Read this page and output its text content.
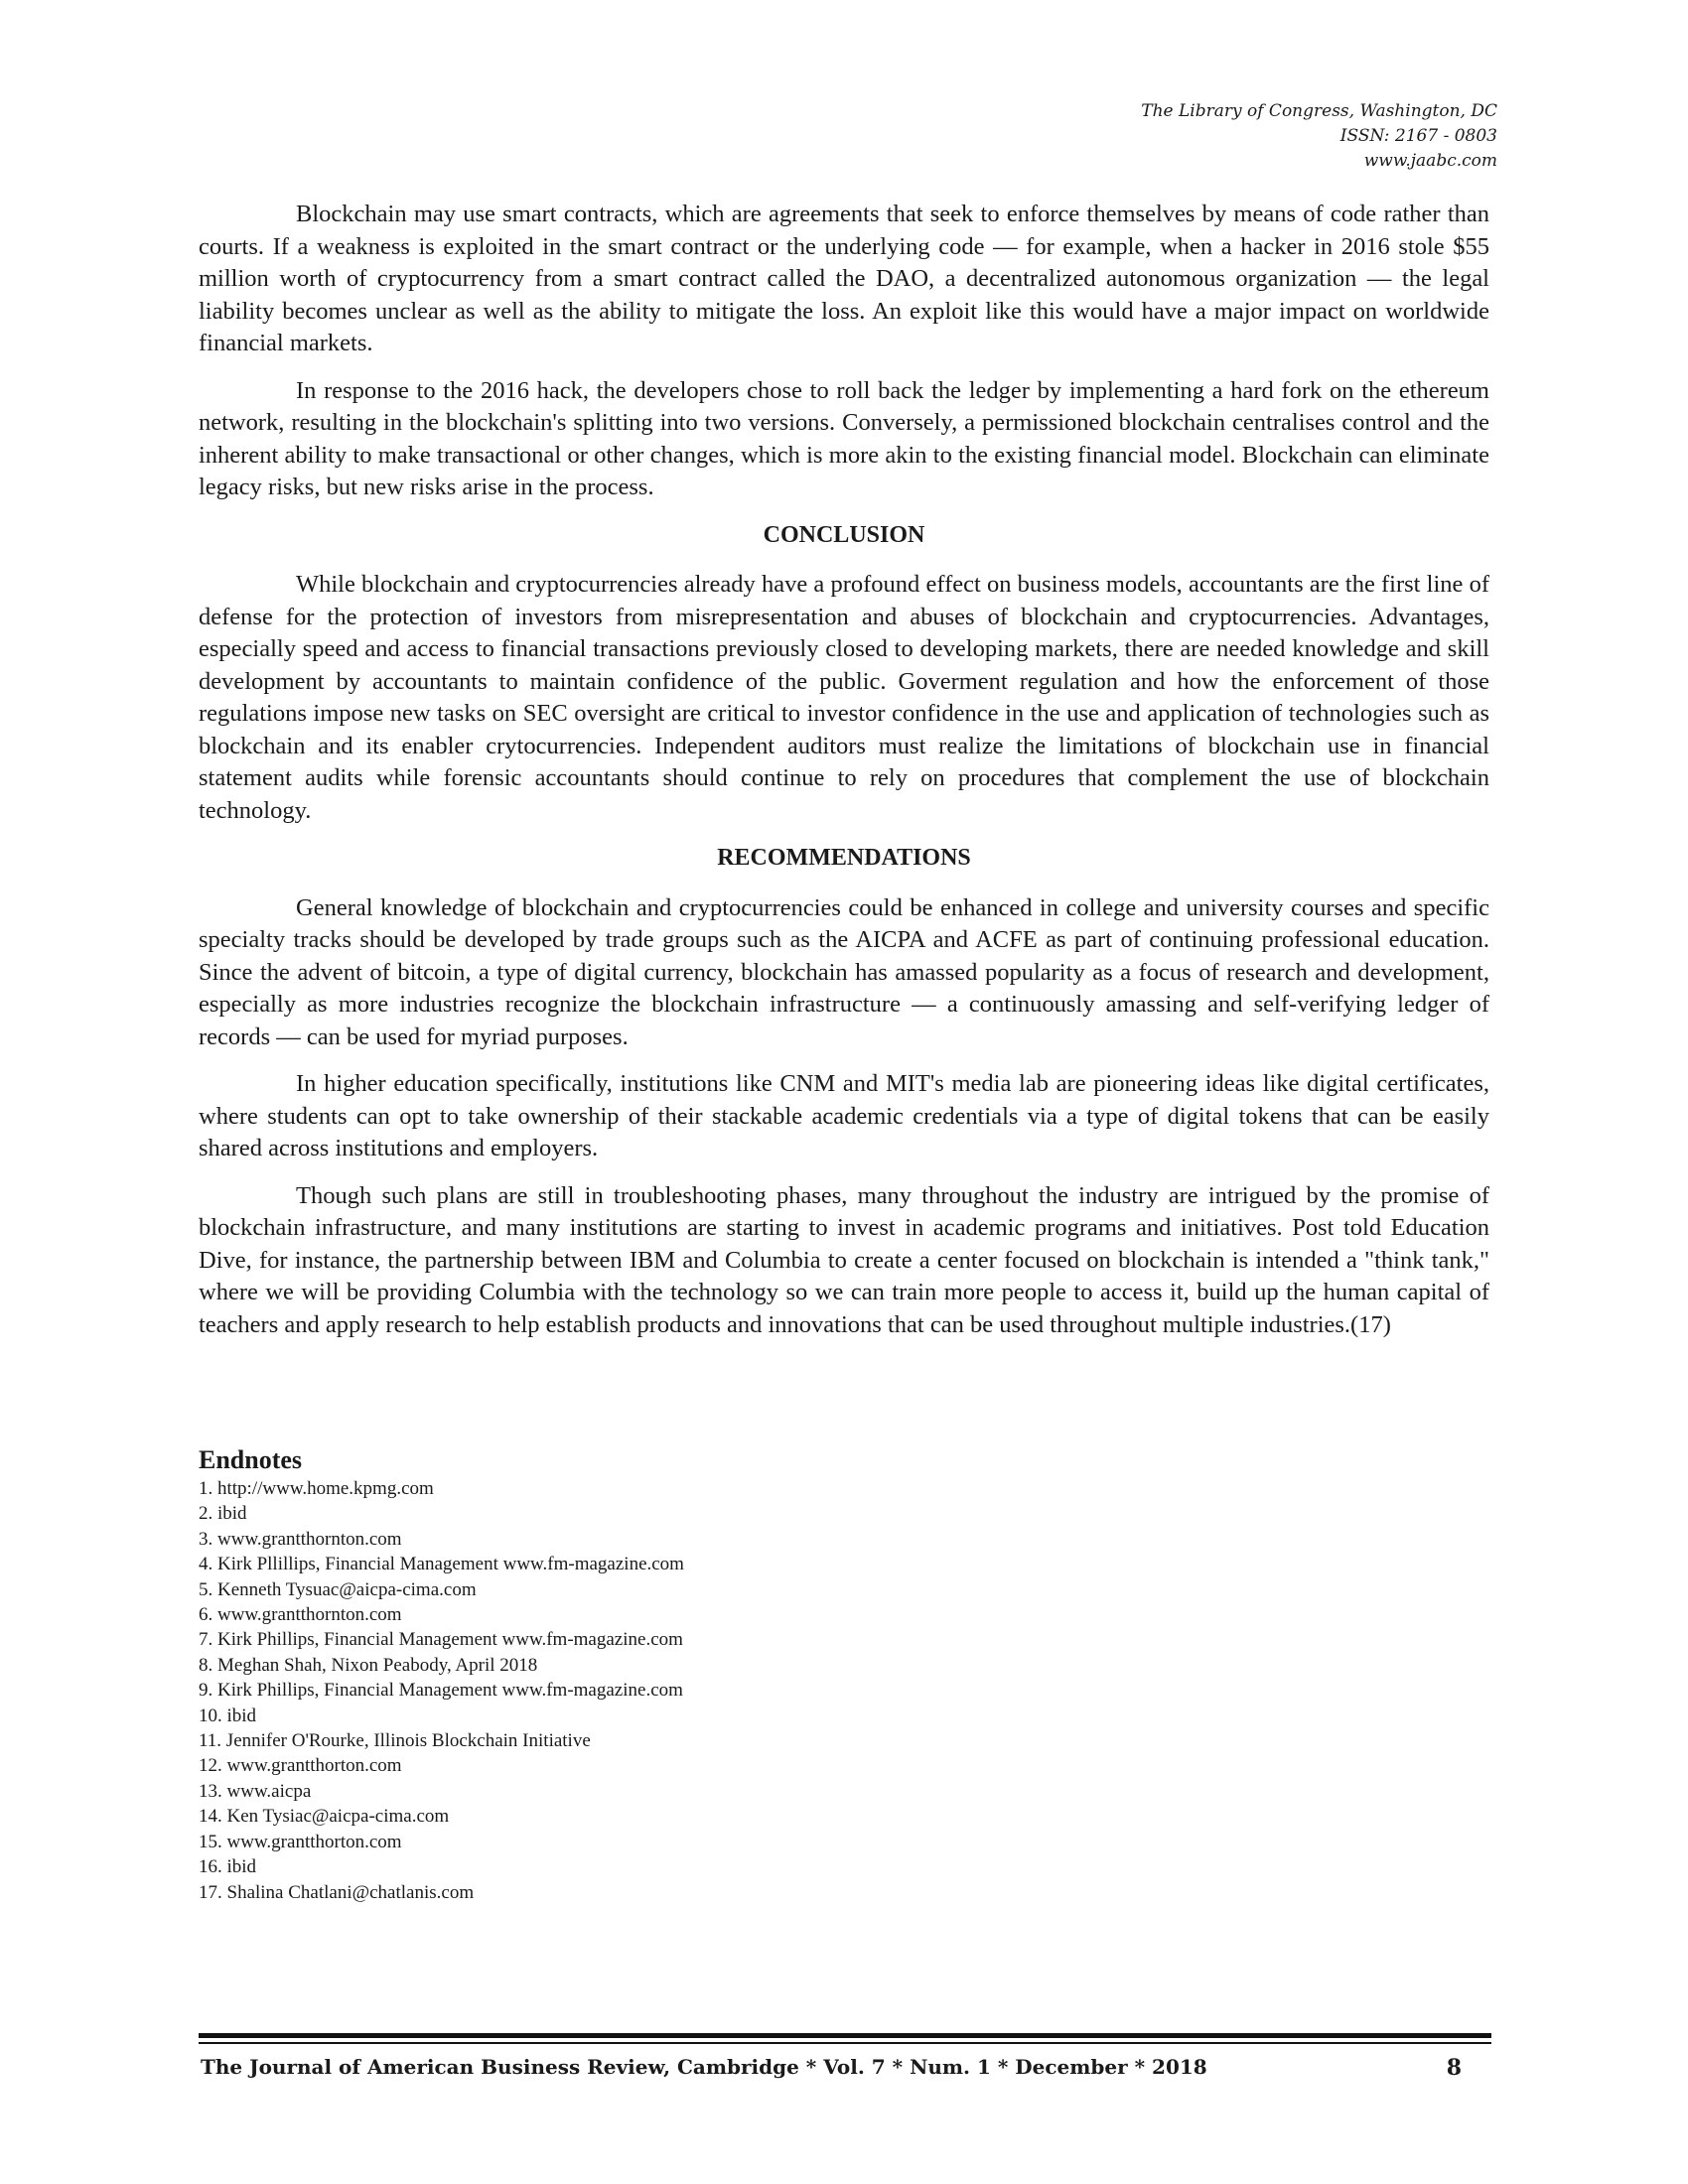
The Library of Congress, Washington, DC
ISSN: 2167 - 0803
www.jaabc.com

Blockchain may use smart contracts, which are agreements that seek to enforce themselves by means of code rather than courts. If a weakness is exploited in the smart contract or the underlying code — for example, when a hacker in 2016 stole $55 million worth of cryptocurrency from a smart contract called the DAO, a decentralized autonomous organization — the legal liability becomes unclear as well as the ability to mitigate the loss. An exploit like this would have a major impact on worldwide financial markets.

In response to the 2016 hack, the developers chose to roll back the ledger by implementing a hard fork on the ethereum network, resulting in the blockchain's splitting into two versions. Conversely, a permissioned blockchain centralises control and the inherent ability to make transactional or other changes, which is more akin to the existing financial model. Blockchain can eliminate legacy risks, but new risks arise in the process.

CONCLUSION

While blockchain and cryptocurrencies already have a profound effect on business models, accountants are the first line of defense for the protection of investors from misrepresentation and abuses of blockchain and cryptocurrencies. Advantages, especially speed and access to financial transactions previously closed to developing markets, there are needed knowledge and skill development by accountants to maintain confidence of the public. Goverment regulation and how the enforcement of those regulations impose new tasks on SEC oversight are critical to investor confidence in the use and application of technologies such as blockchain and its enabler crytocurrencies. Independent auditors must realize the limitations of blockchain use in financial statement audits while forensic accountants should continue to rely on procedures that complement the use of blockchain technology.

RECOMMENDATIONS

General knowledge of blockchain and cryptocurrencies could be enhanced in college and university courses and specific specialty tracks should be developed by trade groups such as the AICPA and ACFE as part of continuing professional education. Since the advent of bitcoin, a type of digital currency, blockchain has amassed popularity as a focus of research and development, especially as more industries recognize the blockchain infrastructure — a continuously amassing and self-verifying ledger of records — can be used for myriad purposes.

In higher education specifically, institutions like CNM and MIT's media lab are pioneering ideas like digital certificates, where students can opt to take ownership of their stackable academic credentials via a type of digital tokens that can be easily shared across institutions and employers.

Though such plans are still in troubleshooting phases, many throughout the industry are intrigued by the promise of blockchain infrastructure, and many institutions are starting to invest in academic programs and initiatives. Post told Education Dive, for instance, the partnership between IBM and Columbia to create a center focused on blockchain is intended a "think tank," where we will be providing Columbia with the technology so we can train more people to access it, build up the human capital of teachers and apply research to help establish products and innovations that can be used throughout multiple industries.(17)

Endnotes
1. http://www.home.kpmg.com
2. ibid
3. www.grantthornton.com
4. Kirk Pllillips, Financial Management www.fm-magazine.com
5. Kenneth Tysuac@aicpa-cima.com
6. www.grantthornton.com
7. Kirk Phillips, Financial Management www.fm-magazine.com
8. Meghan Shah, Nixon Peabody, April 2018
9. Kirk Phillips, Financial Management www.fm-magazine.com
10. ibid
11. Jennifer O'Rourke, Illinois Blockchain Initiative
12. www.grantthorton.com
13. www.aicpa
14. Ken Tysiac@aicpa-cima.com
15. www.grantthorton.com
16. ibid
17. Shalina Chatlani@chatlanis.com
The Journal of American Business Review, Cambridge * Vol. 7 * Num. 1 * December * 2018	8
